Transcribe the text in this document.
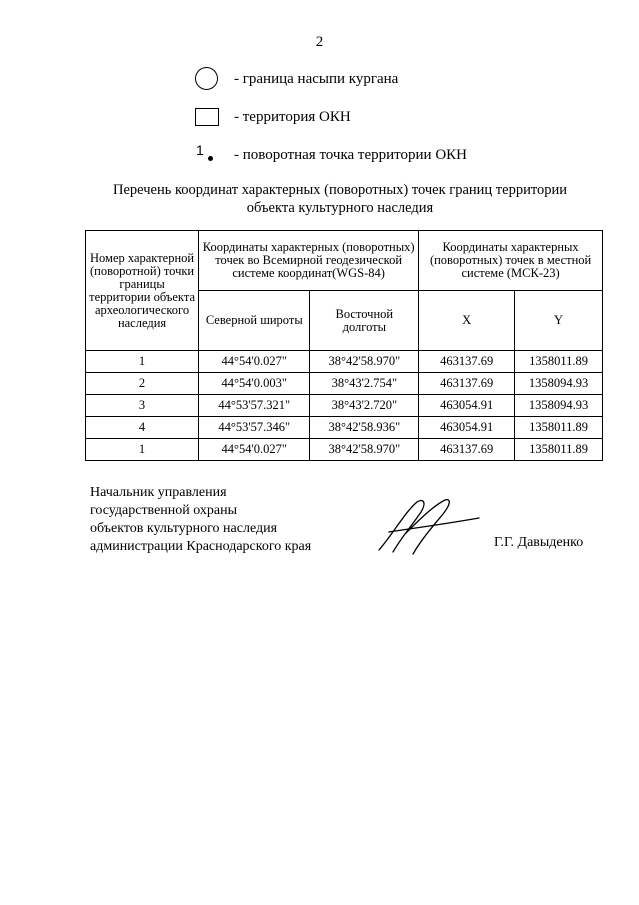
2
- граница насыпи кургана
- территория ОКН
1 - поворотная точка территории ОКН
Перечень координат характерных (поворотных) точек границ территории
объекта культурного наследия
Номер характерной (поворотной) точки границы территории объекта археологического наследия	Координаты характерных (поворотных) точек во Всемирной геодезической системе координат(WGS-84)		Координаты характерных (поворотных) точек в местной системе (МСК-23)	
	Северной широты	Восточной долготы	X	Y
1	44°54'0.027"	38°42'58.970"	463137.69	1358011.89
2	44°54'0.003"	38°43'2.754"	463137.69	1358094.93
3	44°53'57.321"	38°43'2.720"	463054.91	1358094.93
4	44°53'57.346"	38°42'58.936"	463054.91	1358011.89
1	44°54'0.027"	38°42'58.970"	463137.69	1358011.89
Начальник управления
государственной охраны
объектов культурного наследия
администрации Краснодарского края	Г.Г. Давыденко
